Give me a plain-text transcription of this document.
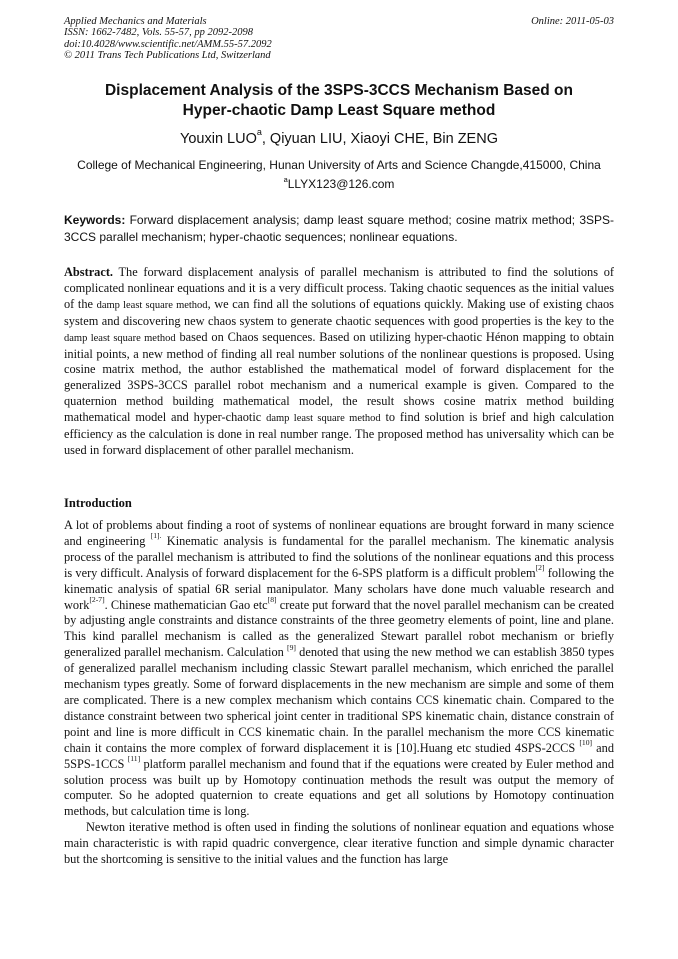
Applied Mechanics and Materials
ISSN: 1662-7482, Vols. 55-57, pp 2092-2098
doi:10.4028/www.scientific.net/AMM.55-57.2092
© 2011 Trans Tech Publications Ltd, Switzerland
Online: 2011-05-03
Displacement Analysis of the 3SPS-3CCS Mechanism Based on
Hyper-chaotic Damp Least Square method
Youxin LUO$^a$, Qiyuan LIU, Xiaoyi CHE, Bin ZENG
College of Mechanical Engineering, Hunan University of Arts and Science Changde,415000, China
$^a$LLYX123@126.com
Keywords: Forward displacement analysis; damp least square method; cosine matrix method; 3SPS-3CCS parallel mechanism; hyper-chaotic sequences; nonlinear equations.
Abstract. The forward displacement analysis of parallel mechanism is attributed to find the solutions of complicated nonlinear equations and it is a very difficult process. Taking chaotic sequences as the initial values of the damp least square method, we can find all the solutions of equations quickly. Making use of existing chaos system and discovering new chaos system to generate chaotic sequences with good properties is the key to the damp least square method based on Chaos sequences. Based on utilizing hyper-chaotic Hénon mapping to obtain initial points, a new method of finding all real number solutions of the nonlinear questions is proposed. Using cosine matrix method, the author established the mathematical model of forward displacement for the generalized 3SPS-3CCS parallel robot mechanism and a numerical example is given. Compared to the quaternion method building mathematical model, the result shows cosine matrix method building mathematical model and hyper-chaotic damp least square method to find solution is brief and high calculation efficiency as the calculation is done in real number range. The proposed method has universality which can be used in forward displacement of other parallel mechanism.
Introduction

A lot of problems about finding a root of systems of nonlinear equations are brought forward in many science and engineering $^{[1].}$ Kinematic analysis is fundamental for the parallel mechanism. The kinematic analysis process of the parallel mechanism is attributed to find the solutions of the nonlinear equations and this process is very difficult. Analysis of forward displacement for the 6-SPS platform is a difficult problem[2] following the kinematic analysis of spatial 6R serial manipulator. Many scholars have done much valuable research and work[2-7]. Chinese mathematician Gao etc[8] create put forward that the novel parallel mechanism can be created by adjusting angle constraints and distance constraints of the three geometry elements of point, line and plane. This kind parallel mechanism is called as the generalized Stewart parallel robot mechanism or briefly generalized parallel mechanism. Calculation [9] denoted that using the new method we can establish 3850 types of generalized parallel mechanism including classic Stewart parallel mechanism, which enriched the parallel mechanism types greatly. Some of forward displacements in the new mechanism are simple and some of them are complicated. There is a new complex mechanism which contains CCS kinematic chain. Compared to the distance constraint between two spherical joint center in traditional SPS kinematic chain, distance constrain of point and line is more difficult in CCS kinematic chain. In the parallel mechanism the more CCS kinematic chain it contains the more complex of forward displacement it is [10].Huang etc studied 4SPS-2CCS [10] and 5SPS-1CCS [11] platform parallel mechanism and found that if the equations were created by Euler method and solution process was built up by Homotopy continuation methods the result was output the memory of computer. So he adopted quaternion to create equations and get all solutions by Homotopy continuation methods, but calculation time is long.

Newton iterative method is often used in finding the solutions of nonlinear equation and equations whose main characteristic is with rapid quadric convergence, clear iterative function and simple dynamic character but the shortcoming is sensitive to the initial values and the function has large
